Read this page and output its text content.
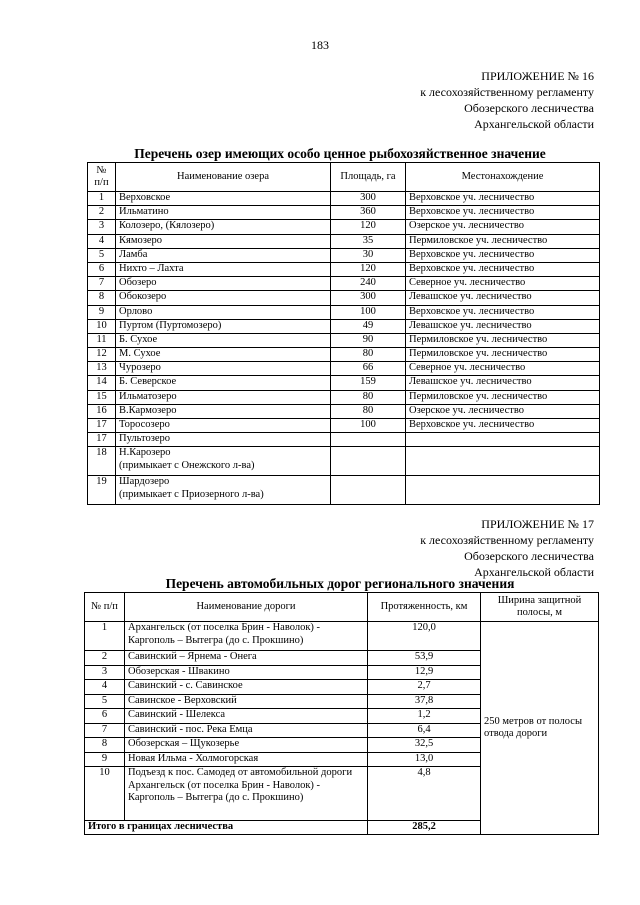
183
ПРИЛОЖЕНИЕ № 16
к лесохозяйственному регламенту
Обозерского лесничества
Архангельской области
Перечень озер имеющих особо ценное рыбохозяйственное значение
№ п/п	Наименование озера	Площадь, га	Местонахождение
1	Верховское	300	Верховское уч. лесничество
2	Ильматино	360	Верховское уч. лесничество
3	Колозеро, (Кялозеро)	120	Озерское уч. лесничество
4	Кямозеро	35	Пермиловское уч. лесничество
5	Ламба	30	Верховское уч. лесничество
6	Нихто – Лахта	120	Верховское уч. лесничество
7	Обозеро	240	Северное уч. лесничество
8	Обокозеро	300	Левашское уч. лесничество
9	Орлово	100	Верховское уч. лесничество
10	Пуртом (Пуртомозеро)	49	Левашское уч. лесничество
11	Б. Сухое	90	Пермиловское уч. лесничество
12	М. Сухое	80	Пермиловское уч. лесничество
13	Чурозеро	66	Северное уч. лесничество
14	Б. Северское	159	Левашское уч. лесничество
15	Ильматозеро	80	Пермиловское уч. лесничество
16	В.Кармозеро	80	Озерское уч. лесничество
17	Торосозеро	100	Верховское уч. лесничество
17	Пультозеро		
18	Н.Карозеро
(примыкает с Онежского л-ва)		
19	Шардозеро
(примыкает с Приозерного л-ва)		
ПРИЛОЖЕНИЕ № 17
к лесохозяйственному регламенту
Обозерского лесничества
Архангельской области
Перечень автомобильных дорог регионального значения
№ п/п	Наименование дороги	Протяженность, км	Ширина защитной полосы, м
1	Архангельск (от поселка Брин - Наволок) - Каргополь – Вытегра (до с. Прокшино)	120,0	250 метров от полосы отвода дороги
2	Савинский – Ярнема - Онега	53,9	
3	Обозерская - Швакино	12,9	
4	Савинский - с. Савинское	2,7	
5	Савинское - Верховский	37,8	
6	Савинский - Шелекса	1,2	
7	Савинский - пос. Река Емца	6,4	
8	Обозерская – Щукозерье	32,5	
9	Новая Ильма - Холмогорская	13,0	
10	Подъезд к пос. Самодед от автомобильной дороги Архангельск (от поселка Брин - Наволок) - Каргополь – Вытегра (до с. Прокшино)	4,8	
Итого в границах лесничества		285,2	
